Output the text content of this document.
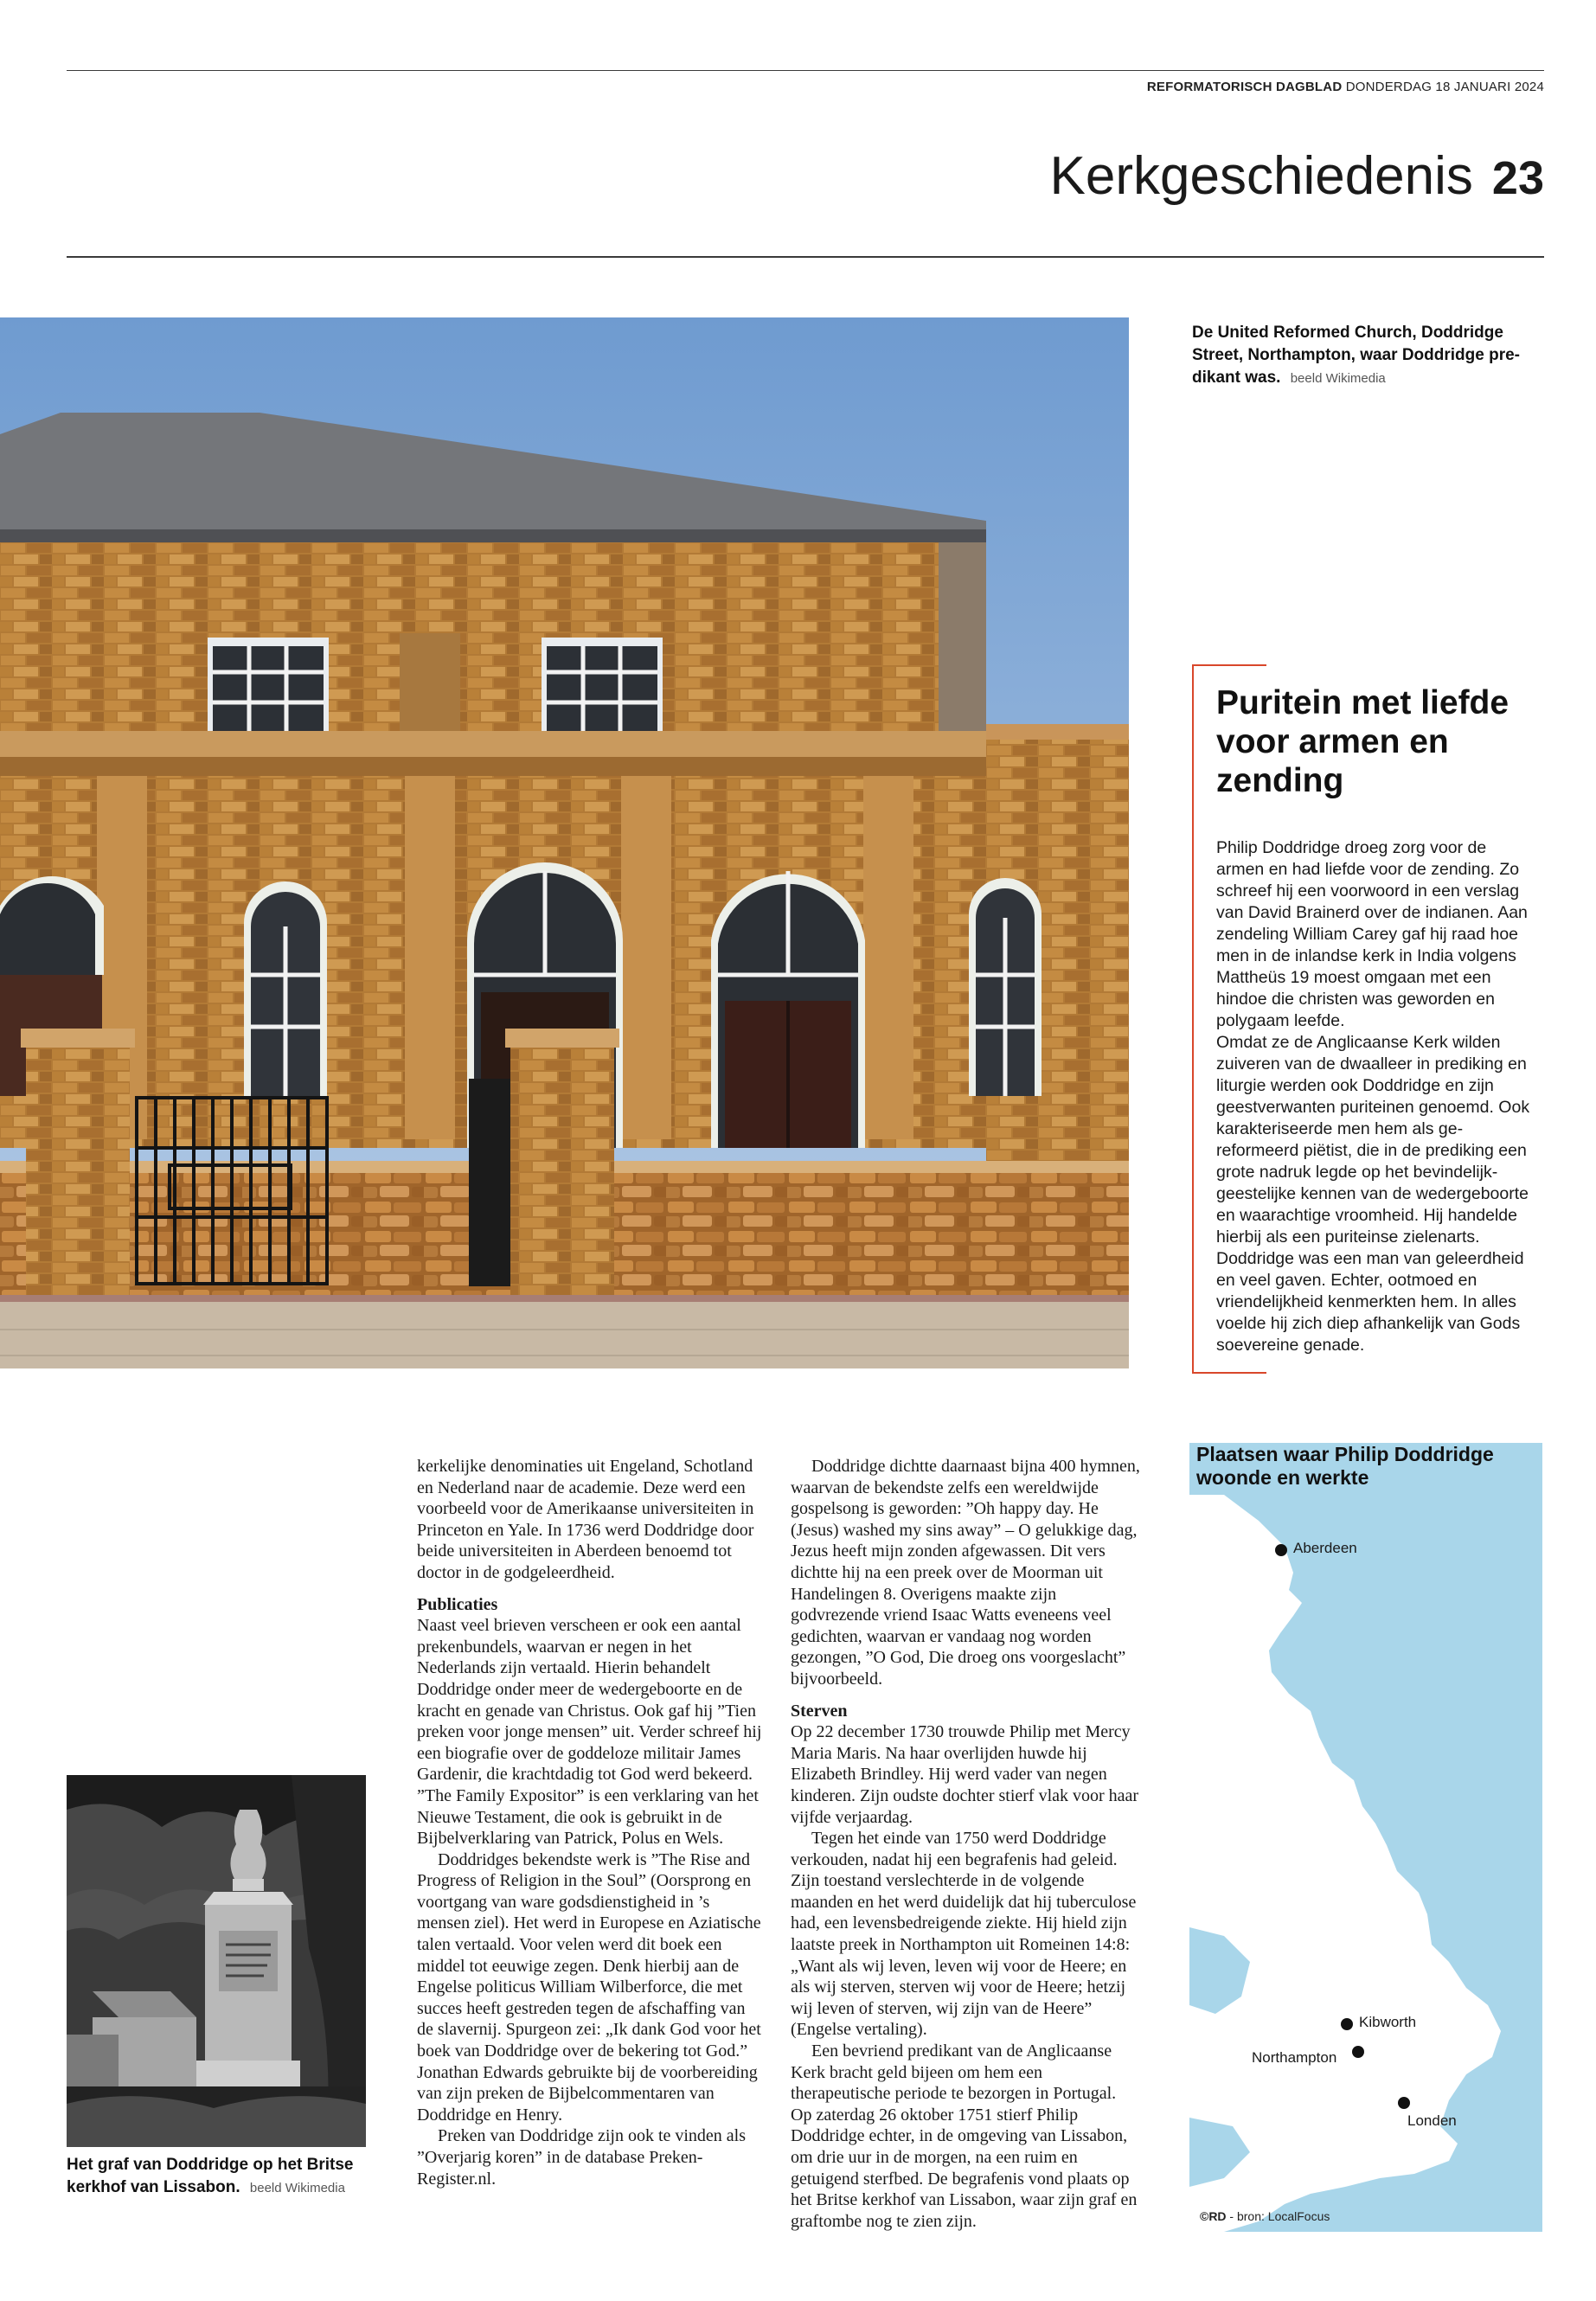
REFORMATORISCH DAGBLAD DONDERDAG 18 JANUARI 2024
Kerkgeschiedenis 23
De United Reformed Church, Doddridge Street, Northampton, waar Doddridge predikant was. beeld Wikimedia
Puritein met liefde voor armen en zending

Philip Doddridge droeg zorg voor de armen en had liefde voor de zending. Zo schreef hij een voorwoord in een verslag van David Brainerd over de indianen. Aan zendeling William Carey gaf hij raad hoe men in de inlandse kerk in India volgens Mattheüs 19 moest omgaan met een hindoe die christen was geworden en polygaam leefde.

Omdat ze de Anglicaanse Kerk wilden zuiveren van de dwaalleer in prediking en liturgie werden ook Doddridge en zijn geestverwanten puriteinen genoemd. Ook karakteriseerde men hem als gereformeerd piëtist, die in de prediking een grote nadruk legde op het bevindelijk-geestelijke kennen van de wedergeboorte en waarachtige vroomheid. Hij handelde hierbij als een puriteinse zielenarts.

Doddridge was een man van geleerdheid en veel gaven. Echter, ootmoed en vriendelijkheid kenmerkten hem. In alles voelde hij zich diep afhankelijk van Gods soevereine genade.

kerkelijke denominaties uit Engeland, Schotland en Nederland naar de academie. Deze werd een voorbeeld voor de Amerikaanse universiteiten in Princeton en Yale. In 1736 werd Doddridge door beide universiteiten in Aberdeen benoemd tot doctor in de godgeleerdheid.

Publicaties

Naast veel brieven verscheen er ook een aantal prekenbundels, waarvan er negen in het Nederlands zijn vertaald. Hierin behandelt Doddridge onder meer de wedergeboorte en de kracht en genade van Christus. Ook gaf hij ”Tien preken voor jonge mensen” uit. Verder schreef hij een biografie over de goddeloze militair James Gardenir, die krachtdadig tot God werd bekeerd. ”The Family Expositor” is een verklaring van het Nieuwe Testament, die ook is gebruikt in de Bijbelverklaring van Patrick, Polus en Wels.

Doddridges bekendste werk is ”The Rise and Progress of Religion in the Soul” (Oorsprong en voortgang van ware godsdienstigheid in ’s mensen ziel). Het werd in Europese en Aziatische talen vertaald. Voor velen werd dit boek een middel tot eeuwige zegen. Denk hierbij aan de Engelse politicus William Wilberforce, die met succes heeft gestreden tegen de afschaffing van de slavernij. Spurgeon zei: „Ik dank God voor het boek van Doddridge over de bekering tot God.” Jonathan Edwards gebruikte bij de voorbereiding van zijn preken de Bijbelcommentaren van Doddridge en Henry.

Preken van Doddridge zijn ook te vinden als ”Overjarig koren” in de database PrekenRegister.nl.

Doddridge dichtte daarnaast bijna 400 hymnen, waarvan de bekendste zelfs een wereldwijde gospelsong is geworden: ”Oh happy day. He (Jesus) washed my sins away” – O gelukkige dag, Jezus heeft mijn zonden afgewassen. Dit vers dichtte hij na een preek over de Moorman uit Handelingen 8. Overigens maakte zijn godvrezende vriend Isaac Watts eveneens veel gedichten, waarvan er vandaag nog worden gezongen, ”O God, Die droeg ons voorgeslacht” bijvoorbeeld.

Sterven

Op 22 december 1730 trouwde Philip met Mercy Maria Maris. Na haar overlijden huwde hij Elizabeth Brindley. Hij werd vader van negen kinderen. Zijn oudste dochter stierf vlak voor haar vijfde verjaardag.

Tegen het einde van 1750 werd Doddridge verkouden, nadat hij een begrafenis had geleid. Zijn toestand verslechterde in de volgende maanden en het werd duidelijk dat hij tuberculose had, een levensbedreigende ziekte. Hij hield zijn laatste preek in Northampton uit Romeinen 14:8: „Want als wij leven, leven wij voor de Heere; en als wij sterven, sterven wij voor de Heere; hetzij wij leven of sterven, wij zijn van de Heere” (Engelse vertaling).

Een bevriend predikant van de Anglicaanse Kerk bracht geld bijeen om hem een therapeutische periode te bezorgen in Portugal. Op zaterdag 26 oktober 1751 stierf Philip Doddridge echter, in de omgeving van Lissabon, om drie uur in de morgen, na een ruim en getuigend sterfbed. De begrafenis vond plaats op het Britse kerkhof van Lissabon, waar zijn graf en graftombe nog te zien zijn.

Het graf van Doddridge op het Britse kerkhof van Lissabon. beeld Wikimedia
Plaatsen waar Philip Doddridge woonde en werkte
Aberdeen
Kibworth
Northampton
Londen
©RD - bron: LocalFocus
